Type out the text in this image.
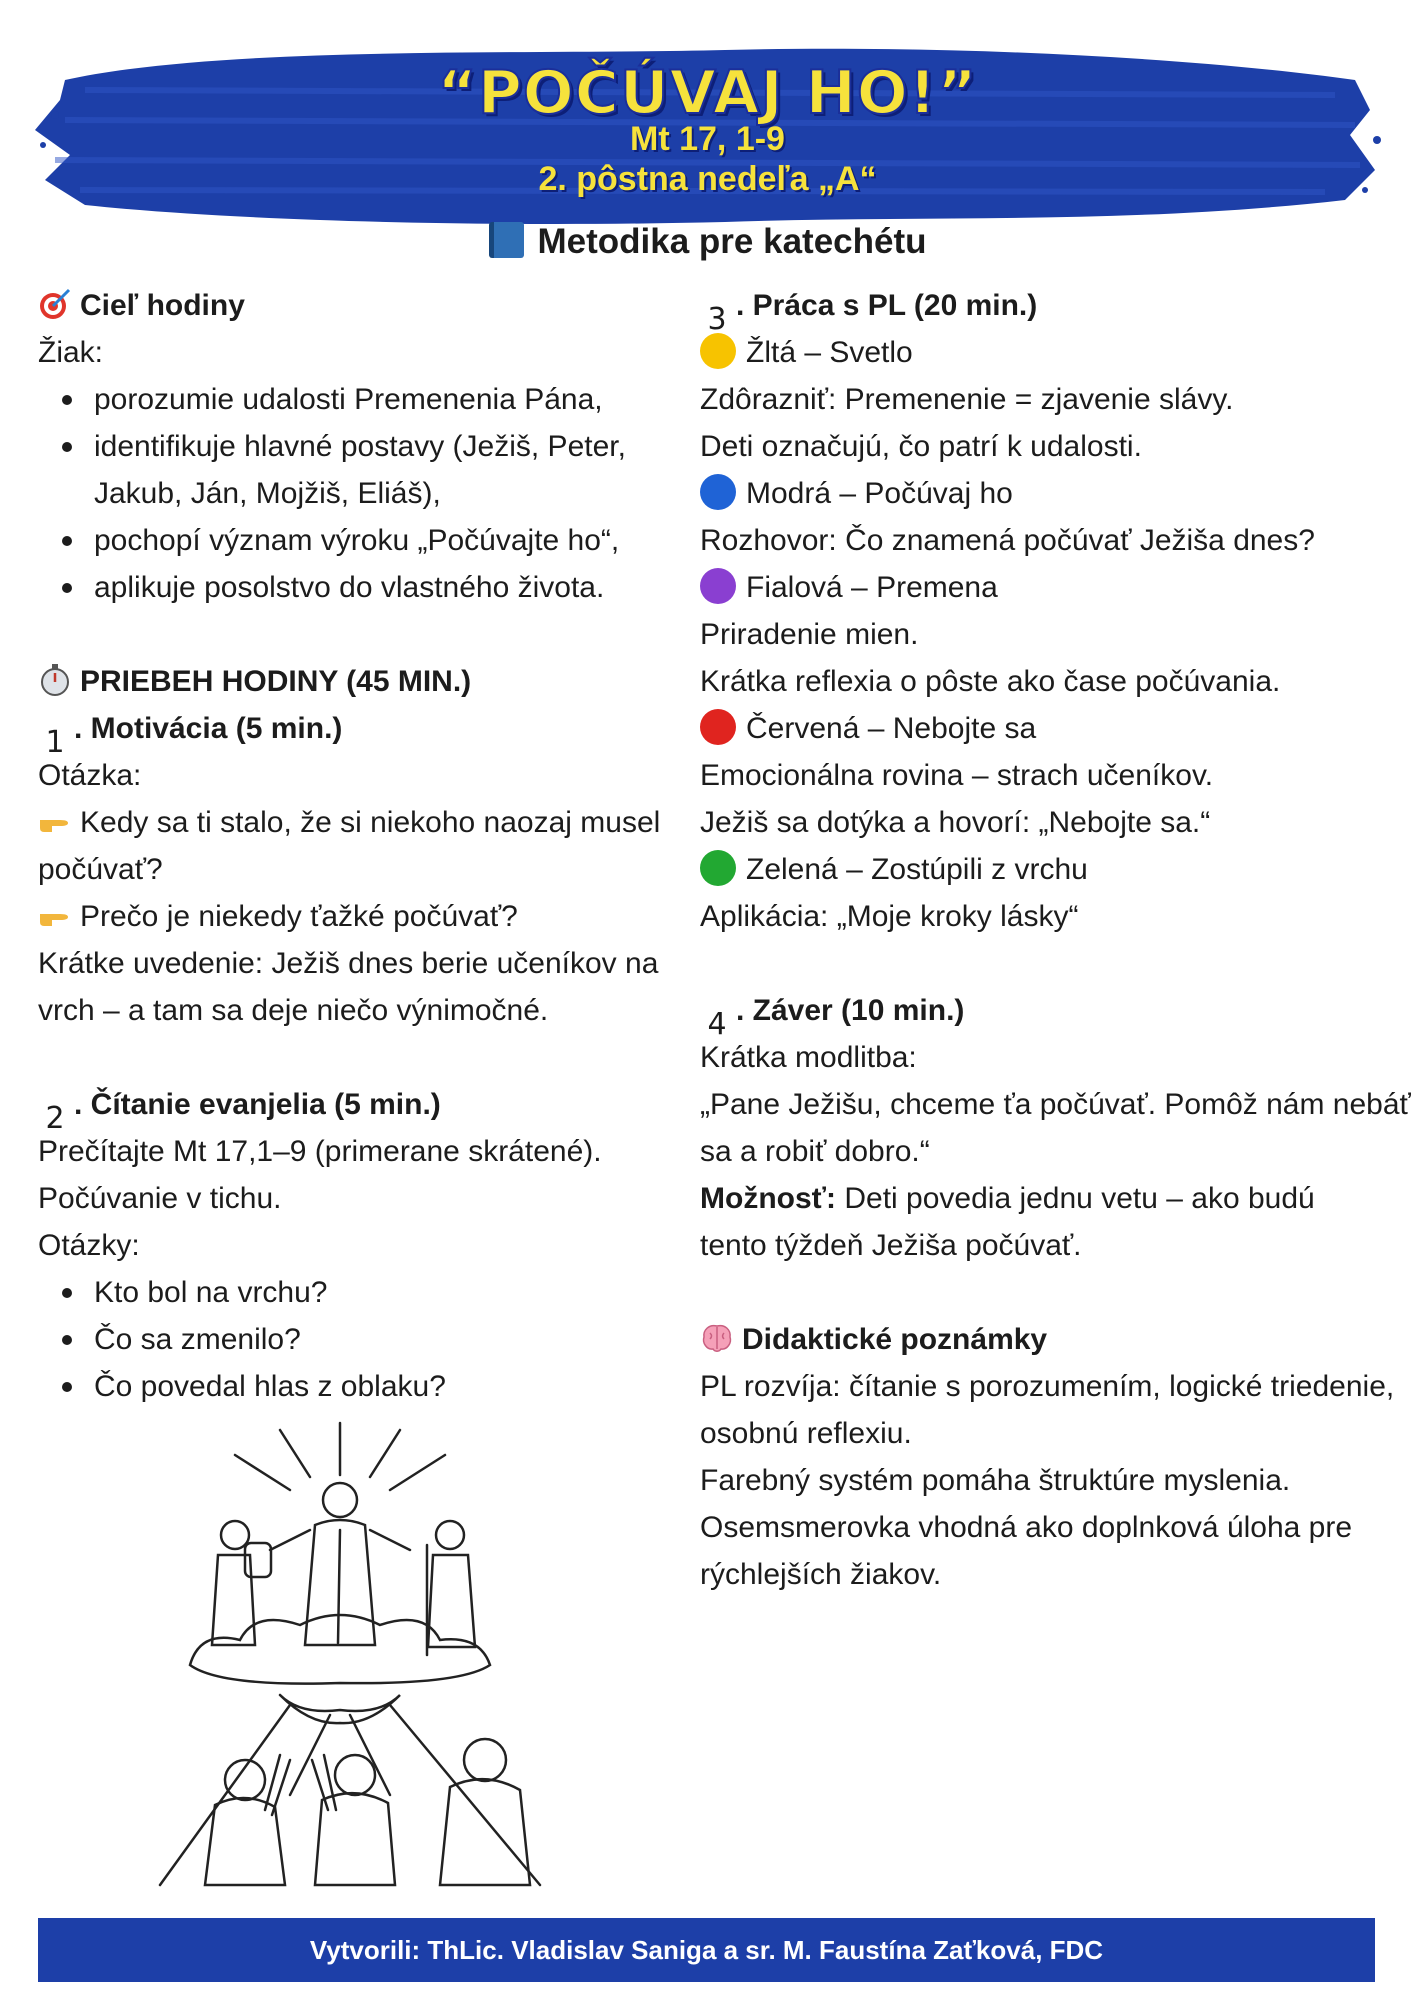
“POČÚVAJ HO!”
Mt 17, 1-9
2. pôstna nedeľa „A“
Metodika pre katechétu
Cieľ hodiny
Žiak:
porozumie udalosti Premenenia Pána,
identifikuje hlavné postavy (Ježiš, Peter,
Jakub, Ján, Mojžiš, Eliáš),
pochopí význam výroku „Počúvajte ho“,
aplikuje posolstvo do vlastného života.
PRIEBEH HODINY (45 MIN.)
1 . Motivácia (5 min.)
Otázka:
Kedy sa ti stalo, že si niekoho naozaj musel
počúvať?
Prečo je niekedy ťažké počúvať?
Krátke uvedenie: Ježiš dnes berie učeníkov na
vrch – a tam sa deje niečo výnimočné.
2 . Čítanie evanjelia (5 min.)
Prečítajte Mt 17,1–9 (primerane skrátené).
Počúvanie v tichu.
Otázky:
Kto bol na vrchu?
Čo sa zmenilo?
Čo povedal hlas z oblaku?
3 . Práca s PL (20 min.)
Žltá – Svetlo
Zdôrazniť: Premenenie = zjavenie slávy.
Deti označujú, čo patrí k udalosti.
Modrá – Počúvaj ho
Rozhovor: Čo znamená počúvať Ježiša dnes?
Fialová – Premena
Priradenie mien.
Krátka reflexia o pôste ako čase počúvania.
Červená – Nebojte sa
Emocionálna rovina – strach učeníkov.
Ježiš sa dotýka a hovorí: „Nebojte sa.“
Zelená – Zostúpili z vrchu
Aplikácia: „Moje kroky lásky“
4 . Záver (10 min.)
Krátka modlitba:
„Pane Ježišu, chceme ťa počúvať. Pomôž nám nebáť
sa a robiť dobro.“
Možnosť: Deti povedia jednu vetu – ako budú
tento týždeň Ježiša počúvať.
Didaktické poznámky
PL rozvíja: čítanie s porozumením, logické triedenie,
osobnú reflexiu.
Farebný systém pomáha štruktúre myslenia.
Osemsmerovka vhodná ako doplnková úloha pre
rýchlejších žiakov.
Vytvorili: ThLic. Vladislav Saniga a sr. M. Faustína Zaťková, FDC
